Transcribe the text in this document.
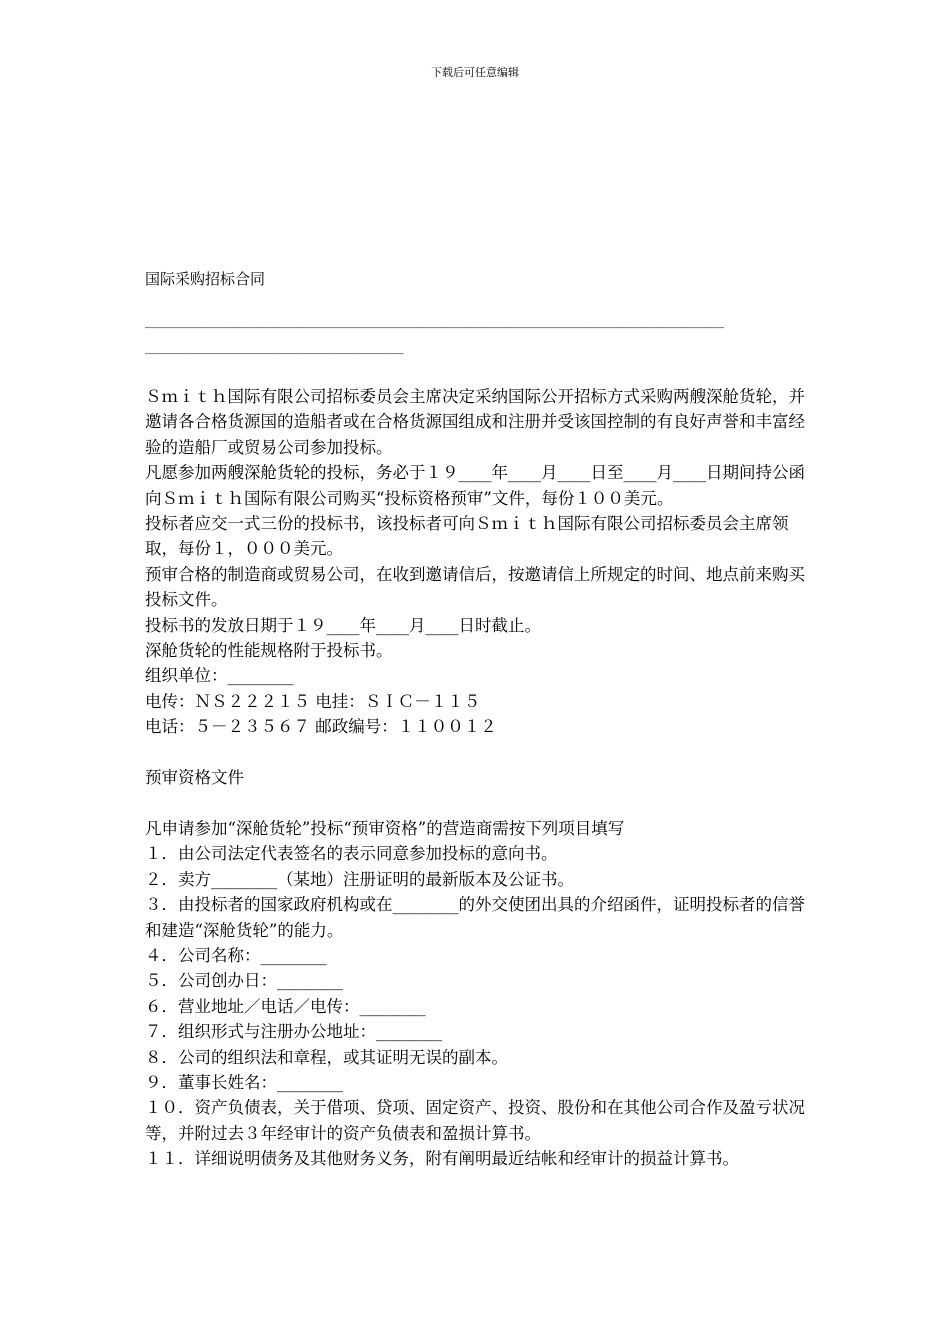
下载后可任意编辑
国际采购招标合同
__________________________________________________________________________
_________________________________

Ｓｍｉｔｈ国际有限公司招标委员会主席决定采纳国际公开招标方式采购两艘深舱货轮，并邀请各合格货源国的造船者或在合格货源国组成和注册并受该国控制的有良好声誉和丰富经验的造船厂或贸易公司参加投标。

凡愿参加两艘深舱货轮的投标，务必于１９____年____月____日至____月____日期间持公函向Ｓｍｉｔｈ国际有限公司购买“投标资格预审”文件，每份１００美元。

投标者应交一式三份的投标书，该投标者可向Ｓｍｉｔｈ国际有限公司招标委员会主席领取，每份１，０００美元。

预审合格的制造商或贸易公司，在收到邀请信后，按邀请信上所规定的时间、地点前来购买投标文件。

投标书的发放日期于１９____年____月____日时截止。

深舱货轮的性能规格附于投标书。

组织单位：________

电传：ＮＳ２２２１５ 电挂：ＳＩＣ－１１５

电话：５－２３５６７ 邮政编号：１１００１２

预审资格文件

凡申请参加“深舱货轮”投标“预审资格”的营造商需按下列项目填写

１．由公司法定代表签名的表示同意参加投标的意向书。

２．卖方________（某地）注册证明的最新版本及公证书。

３．由投标者的国家政府机构或在________的外交使团出具的介绍函件，证明投标者的信誉和建造“深舱货轮”的能力。

４．公司名称：________

５．公司创办日：________

６．营业地址／电话／电传：________

７．组织形式与注册办公地址：________

８．公司的组织法和章程，或其证明无误的副本。

９．董事长姓名：________

１０．资产负债表，关于借项、贷项、固定资产、投资、股份和在其他公司合作及盈亏状况等，并附过去３年经审计的资产负债表和盈损计算书。

１１．详细说明债务及其他财务义务，附有阐明最近结帐和经审计的损益计算书。
